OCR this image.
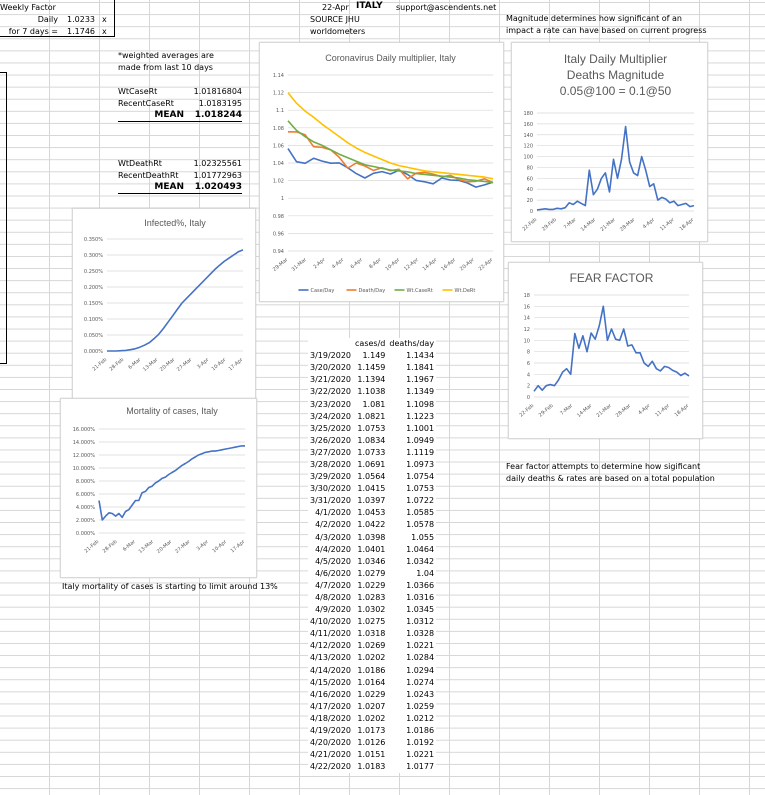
Weekly Factor
Daily 1.0233 x
for 7 days = 1.1746 x
22-Apr ITALY support@ascendents.net
SOURCE JHU
worldometers
Magnitude determines how significant of an
impact a rate can have based on current progress
*weighted averages are
made from last 10 days
WtCaseRt	1.01816804
RecentCaseRt	1.0183195
MEAN	1.018244
WtDeathRt	1.02325561
RecentDeathRt	1.01772963
MEAN	1.020493
Coronavirus Daily multiplier, Italy
0.94
0.96
0.98
1
1.02
1.04
1.06
1.08
1.1
1.12
1.14
29-Mar 31-Mar 2-Apr 4-Apr 6-Apr 8-Apr 10-Apr 12-Apr 14-Apr 16-Apr 20-Apr 22-Apr
Case/Day	Death/Day	Wt.CaseRt	Wt.DeRt
Infected%, Italy
0.000%
0.050%
0.100%
0.150%
0.200%
0.250%
0.300%
0.350%
21-Feb 28-Feb 6-Mar 13-Mar 20-Mar 27-Mar 3-Apr 10-Apr 17-Apr
Mortality of cases, Italy
0.000%
2.000%
4.000%
6.000%
8.000%
10.000%
12.000%
14.000%
16.000%
21-Feb 28-Feb 6-Mar 13-Mar 20-Mar 27-Mar 3-Apr 10-Apr 17-Apr
Italy Daily Multiplier
Deaths Magnitude
0.05@100 = 0.1@50
0
20
40
60
80
100
120
140
160
180
22-Feb 29-Feb 7-Mar 14-Mar 21-Mar 28-Mar 4-Apr 11-Apr 18-Apr
FEAR FACTOR
0
2
4
6
8
10
12
14
16
18
22-Feb 29-Feb 7-Mar 14-Mar 21-Mar 28-Mar 4-Apr 11-Apr 18-Apr
Fear factor attempts to determine how sigificant
daily deaths & rates are based on a total population
Italy mortality of cases is starting to limit around 13%
	cases/d	deaths/day
3/19/2020	1.149	1.1434
3/20/2020	1.1459	1.1841
3/21/2020	1.1394	1.1967
3/22/2020	1.1038	1.1349
3/23/2020	1.081	1.1098
3/24/2020	1.0821	1.1223
3/25/2020	1.0753	1.1001
3/26/2020	1.0834	1.0949
3/27/2020	1.0733	1.1119
3/28/2020	1.0691	1.0973
3/29/2020	1.0564	1.0754
3/30/2020	1.0415	1.0753
3/31/2020	1.0397	1.0722
4/1/2020	1.0453	1.0585
4/2/2020	1.0422	1.0578
4/3/2020	1.0398	1.055
4/4/2020	1.0401	1.0464
4/5/2020	1.0346	1.0342
4/6/2020	1.0279	1.04
4/7/2020	1.0229	1.0366
4/8/2020	1.0283	1.0316
4/9/2020	1.0302	1.0345
4/10/2020	1.0275	1.0312
4/11/2020	1.0318	1.0328
4/12/2020	1.0269	1.0221
4/13/2020	1.0202	1.0284
4/14/2020	1.0186	1.0294
4/15/2020	1.0164	1.0274
4/16/2020	1.0229	1.0243
4/17/2020	1.0207	1.0259
4/18/2020	1.0202	1.0212
4/19/2020	1.0173	1.0186
4/20/2020	1.0126	1.0192
4/21/2020	1.0151	1.0221
4/22/2020	1.0183	1.0177
